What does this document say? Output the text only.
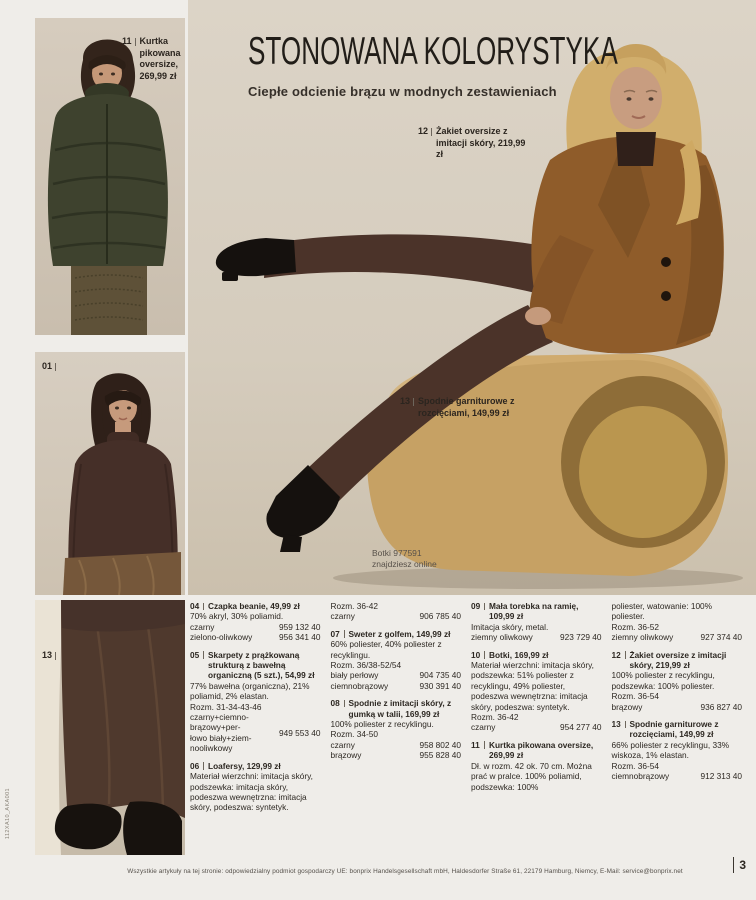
STONOWANA KOLORYSTYKA
Ciepłe odcienie brązu w modnych zestawieniach
11 Kurtka pikowana oversize, 269,99 zł
12 Żakiet oversize z imitacji skóry, 219,99 zł
13 Spodnie garniturowe z rozcięciami, 149,99 zł
01
13
Botki 977591
znajdziesz online
04 Czapka beanie, 49,99 zł
70% akryl, 30% poliamid.
czarny	959 132 40
zielono-oliwkowy	956 341 40
05 Skarpety z prążkowaną strukturą z bawełną organiczną (5 szt.), 54,99 zł
77% bawełna (organiczna), 21% poliamid, 2% elastan.
Rozm. 31-34-43-46
czarny+ciemno- brązowy+per- łowo biały+ziem- nooliwkowy
949 553 40
06 Loafersy, 129,99 zł
Materiał wierzchni: imitacja skóry, podszewka: imitacja skóry, podeszwa wewnętrzna: imitacja skóry, podeszwa: syntetyk.
Rozm. 36-42
czarny	906 785 40
07 Sweter z golfem, 149,99 zł
60% poliester, 40% poliester z recyklingu.
Rozm. 36/38-52/54
biały perłowy	904 735 40
ciemnobrązowy	930 391 40
08 Spodnie z imitacji skóry, z gumką w talii, 169,99 zł
100% poliester z recyklingu.
Rozm. 34-50
czarny	958 802 40
brązowy	955 828 40
09 Mała torebka na ramię, 109,99 zł
Imitacja skóry, metal.
ziemny oliwkowy	923 729 40
10 Botki, 169,99 zł
Materiał wierzchni: imitacja skóry, podszewka: 51% poliester z recyklingu, 49% poliester, podeszwa wewnętrzna: imitacja skóry, podeszwa: syntetyk.
Rozm. 36-42
czarny	954 277 40
11 Kurtka pikowana oversize, 269,99 zł
Dł. w rozm. 42 ok. 70 cm. Można prać w pralce. 100% poliamid, podszewka: 100%
poliester, watowanie: 100% poliester.
Rozm. 36-52
ziemny oliwkowy	927 374 40
12 Żakiet oversize z imitacji skóry, 219,99 zł
100% poliester z recyklingu, podszewka: 100% poliester.
Rozm. 36-54
brązowy	936 827 40
13 Spodnie garniturowe z rozcięciami, 149,99 zł
66% poliester z recyklingu, 33% wiskoza, 1% elastan.
Rozm. 36-54
ciemnobrązowy	912 313 40
Wszystkie artykuły na tej stronie: odpowiedzialny podmiot gospodarczy UE: bonprix Handelsgesellschaft mbH, Haldesdorfer Straße 61, 22179 Hamburg, Niemcy, E-Mail: service@bonprix.net	3
112XA10_AKA001
